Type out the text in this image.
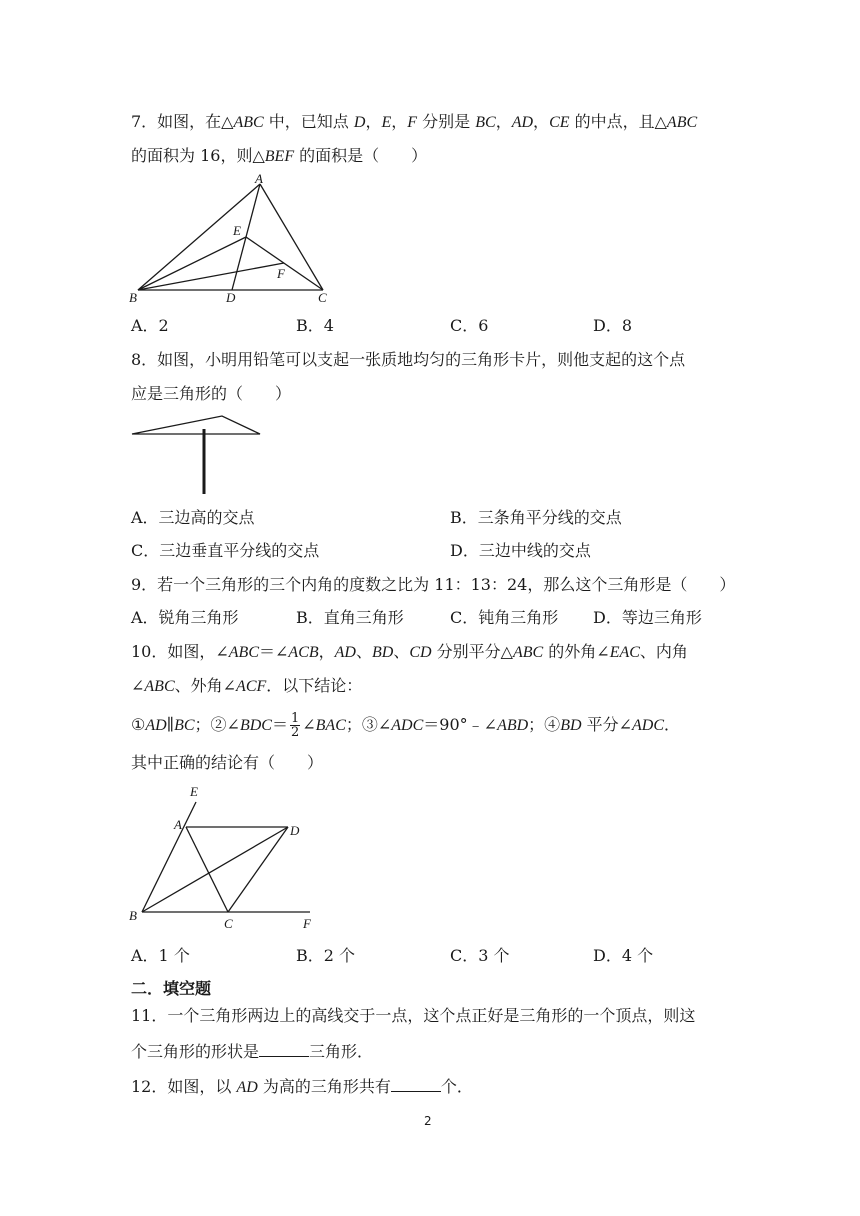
7．如图，在△ABC 中，已知点 D，E，F 分别是 BC，AD，CE 的中点，且△ABC
的面积为 16，则△BEF 的面积是（　　）
A
B	C
D
E
F
A．2	B．4	C．6	D．8
8．如图，小明用铅笔可以支起一张质地均匀的三角形卡片，则他支起的这个点
应是三角形的（　　）
A．三边高的交点	B．三条角平分线的交点
C．三边垂直平分线的交点	D．三边中线的交点
9．若一个三角形的三个内角的度数之比为 11：13：24，那么这个三角形是（　　）
A．锐角三角形	B．直角三角形	C．钝角三角形 D．等边三角形
10．如图，∠ABC＝∠ACB，AD、BD、CD 分别平分△ABC 的外角∠EAC、内角
∠ABC、外角∠ACF．以下结论：
①AD∥BC；②∠BDC＝ $\frac{1}{2}$ ∠BAC；③∠ADC＝90°﹣∠ABD；④BD 平分∠ADC．
其中正确的结论有（　　）
E
A	D
B
C	F
A．1 个	B．2 个	C．3 个	D．4 个
二．填空题
11．一个三角形两边上的高线交于一点，这个点正好是三角形的一个顶点，则这
个三角形的形状是	三角形．
12．如图，以 AD 为高的三角形共有	个．
2
